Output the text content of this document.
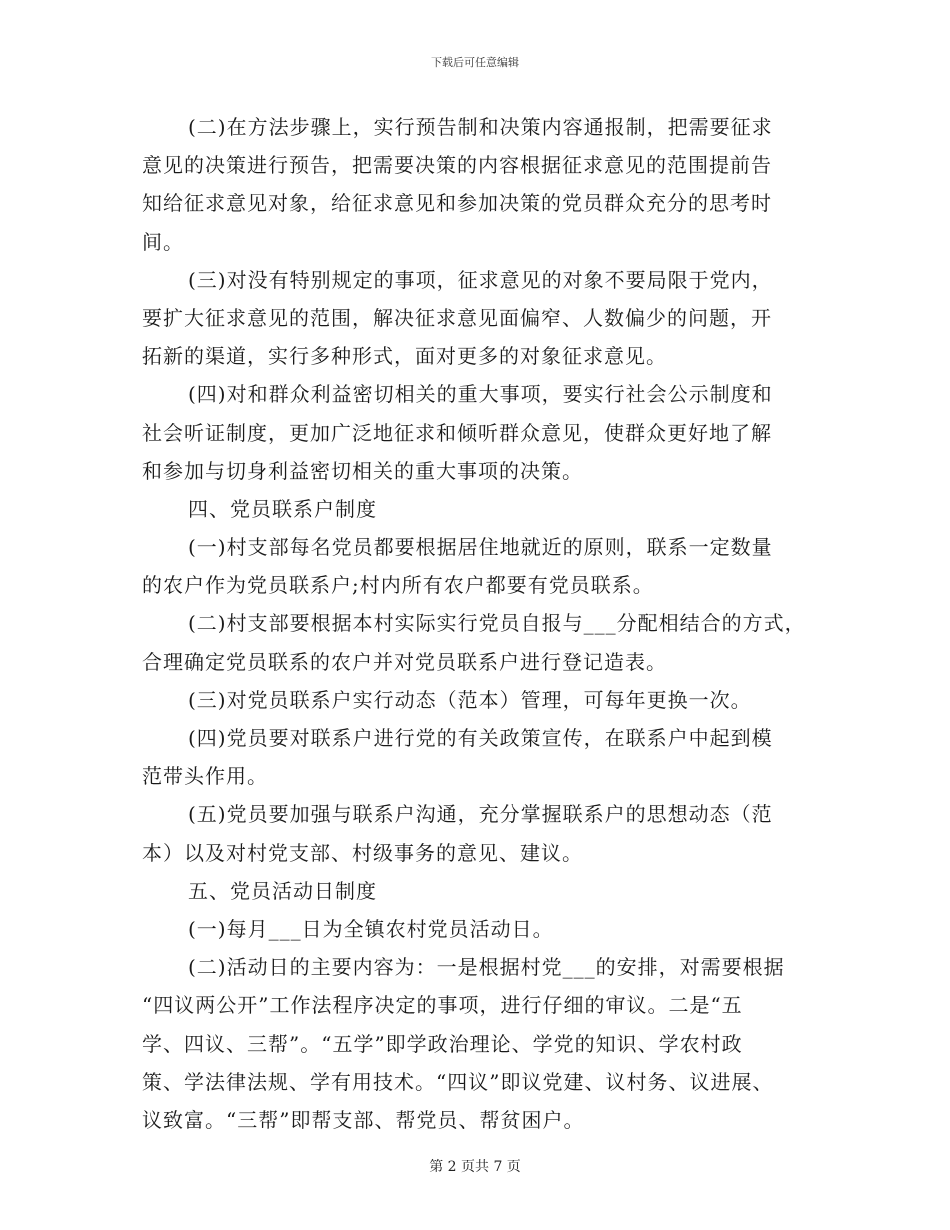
下载后可任意编辑
(二)在方法步骤上，实行预告制和决策内容通报制，把需要征求
意见的决策进行预告，把需要决策的内容根据征求意见的范围提前告
知给征求意见对象，给征求意见和参加决策的党员群众充分的思考时
间。
(三)对没有特别规定的事项，征求意见的对象不要局限于党内，
要扩大征求意见的范围，解决征求意见面偏窄、人数偏少的问题，开
拓新的渠道，实行多种形式，面对更多的对象征求意见。
(四)对和群众利益密切相关的重大事项，要实行社会公示制度和
社会听证制度，更加广泛地征求和倾听群众意见，使群众更好地了解
和参加与切身利益密切相关的重大事项的决策。
四、党员联系户制度
(一)村支部每名党员都要根据居住地就近的原则，联系一定数量
的农户作为党员联系户;村内所有农户都要有党员联系。
(二)村支部要根据本村实际实行党员自报与___分配相结合的方式，
合理确定党员联系的农户并对党员联系户进行登记造表。
(三)对党员联系户实行动态（范本）管理，可每年更换一次。
(四)党员要对联系户进行党的有关政策宣传，在联系户中起到模
范带头作用。
(五)党员要加强与联系户沟通，充分掌握联系户的思想动态（范
本）以及对村党支部、村级事务的意见、建议。
五、党员活动日制度
(一)每月___日为全镇农村党员活动日。
(二)活动日的主要内容为：一是根据村党___的安排，对需要根据
“四议两公开”工作法程序决定的事项，进行仔细的审议。二是“五
学、四议、三帮”。“五学”即学政治理论、学党的知识、学农村政
策、学法律法规、学有用技术。“四议”即议党建、议村务、议进展、
议致富。“三帮”即帮支部、帮党员、帮贫困户。
第 2 页共 7 页
